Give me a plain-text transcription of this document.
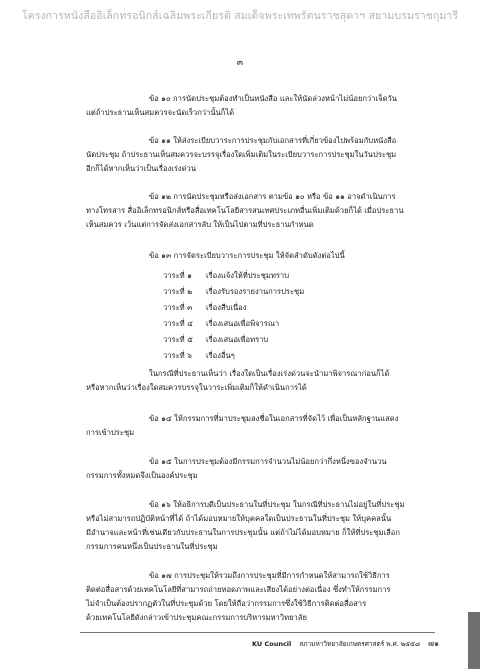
โครงการหนังสืออิเล็กทรอนิกส์เฉลิมพระเกียรติ สมเด็จพระเทพรัตนราชสุดาฯ สยามบรมราชกุมารี
๓
ข้อ ๑๐ การนัดประชุมต้องทำเป็นหนังสือ และให้นัดล่วงหน้าไม่น้อยกว่าเจ็ดวัน
แต่ถ้าประธานเห็นสมควรจะนัดเร็วกว่านั้นก็ได้
ข้อ ๑๑ ให้ส่งระเบียบวาระการประชุมกับเอกสารที่เกี่ยวข้องไปพร้อมกับหนังสือ
นัดประชุม ถ้าประธานเห็นสมควรจะบรรจุเรื่องใดเพิ่มเติมในระเบียบวาระการประชุมในวันประชุม
อีกก็ได้หากเห็นว่าเป็นเรื่องเร่งด่วน
ข้อ ๑๒ การนัดประชุมหรือส่งเอกสาร ตามข้อ ๑๐ หรือ ข้อ ๑๑ อาจดำเนินการ
ทางโทรสาร สื่ออิเล็กทรอนิกส์หรือสื่อเทคโนโลยีสารสนเทศประเภทอื่นเพิ่มเติมด้วยก็ได้ เมื่อประธาน
เห็นสมควร เว้นแต่การจัดส่งเอกสารลับ ให้เป็นไปตามที่ประธานกำหนด
ข้อ ๑๓ การจัดระเบียบวาระการประชุม ให้จัดลำดับดังต่อไปนี้
วาระที่ ๑ เรื่องแจ้งให้ที่ประชุมทราบ
วาระที่ ๒ เรื่องรับรองรายงานการประชุม
วาระที่ ๓ เรื่องสืบเนื่อง
วาระที่ ๔ เรื่องเสนอเพื่อพิจารณา
วาระที่ ๕ เรื่องเสนอเพื่อทราบ
วาระที่ ๖ เรื่องอื่นๆ
ในกรณีที่ประธานเห็นว่า เรื่องใดเป็นเรื่องเร่งด่วนจะนำมาพิจารณาก่อนก็ได้
หรือหากเห็นว่าเรื่องใดสมควรบรรจุในวาระเพิ่มเติมก็ให้ดำเนินการได้
ข้อ ๑๔ ให้กรรมการที่มาประชุมลงชื่อในเอกสารที่จัดไว้ เพื่อเป็นหลักฐานแสดง
การเข้าประชุม
ข้อ ๑๕ ในการประชุมต้องมีกรรมการจำนวนไม่น้อยกว่ากึ่งหนึ่งของจำนวน
กรรมการทั้งหมดจึงเป็นองค์ประชุม
ข้อ ๑๖ ให้อธิการบดีเป็นประธานในที่ประชุม ในกรณีที่ประธานไม่อยู่ในที่ประชุม
หรือไม่สามารถปฏิบัติหน้าที่ได้ ถ้าได้มอบหมายให้บุคคลใดเป็นประธานในที่ประชุม ให้บุคคลนั้น
มีอำนาจและหน้าที่เช่นเดียวกับประธานในการประชุมนั้น แต่ถ้าไม่ได้มอบหมาย ก็ให้ที่ประชุมเลือก
กรรมการคนหนึ่งเป็นประธานในที่ประชุม
ข้อ ๑๗ การประชุมให้รวมถึงการประชุมที่มีการกำหนดให้สามารถใช้วิธีการ
ติดต่อสื่อสารด้วยเทคโนโลยีที่สามารถถ่ายทอดภาพและเสียงได้อย่างต่อเนื่อง ซึ่งทำให้กรรมการ
ไม่จำเป็นต้องปรากฏตัวในที่ประชุมด้วย โดยให้ถือว่ากรรมการซึ่งใช้วิธีการติดต่อสื่อสาร
ด้วยเทคโนโลยีดังกล่าวเข้าประชุมคณะกรรมการบริหารมหาวิทยาลัย
KU Council สภามหาวิทยาลัยเกษตรศาสตร์ พ.ศ. ๒๕๕๘ ๗๑
